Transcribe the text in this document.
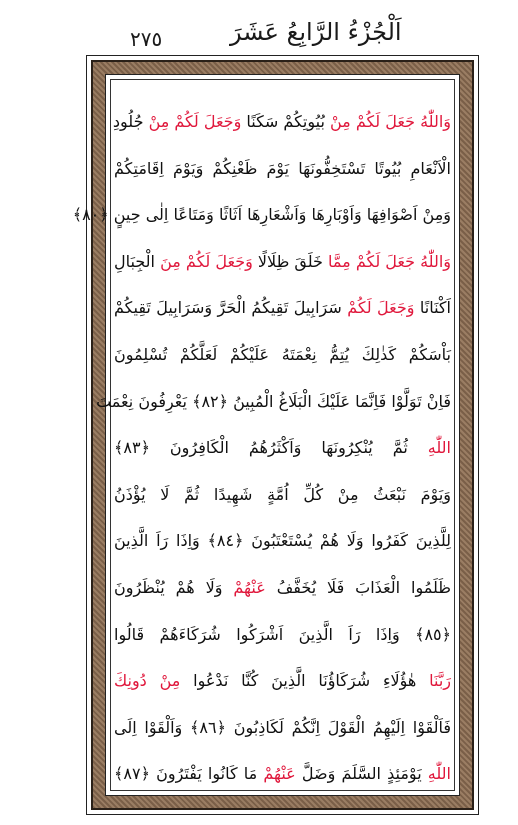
٢٧٥	اَلْجُزْءُ الرَّابِعُ عَشَرَ
وَاللّٰهُ جَعَلَ لَكُمْ مِنْ بُيُوتِكُمْ سَكَنًا وَجَعَلَ لَكُمْ مِنْ جُلُودِ
الْاَنْعَامِ بُيُوتًا تَسْتَخِفُّونَهَا يَوْمَ ظَعْنِكُمْ وَيَوْمَ اِقَامَتِكُمْ
وَمِنْ اَصْوَافِهَا وَاَوْبَارِهَا وَاَشْعَارِهَا اَثَاثًا وَمَتَاعًا اِلٰى حِينٍ ﴿٨٠﴾
وَاللّٰهُ جَعَلَ لَكُمْ مِمَّا خَلَقَ ظِلَالًا وَجَعَلَ لَكُمْ مِنَ الْجِبَالِ
اَكْنَانًا وَجَعَلَ لَكُمْ سَرَابِيلَ تَقِيكُمُ الْحَرَّ وَسَرَابِيلَ تَقِيكُمْ
بَاْسَكُمْ كَذٰلِكَ يُتِمُّ نِعْمَتَهُ عَلَيْكُمْ لَعَلَّكُمْ تُسْلِمُونَ
فَاِنْ تَوَلَّوْا فَاِنَّمَا عَلَيْكَ الْبَلَاغُ الْمُبِينُ ﴿٨٢﴾ يَعْرِفُونَ نِعْمَتَ
اللّٰهِ ثُمَّ يُنْكِرُونَهَا وَاَكْثَرُهُمُ الْكَافِرُونَ ﴿٨٣﴾
وَيَوْمَ نَبْعَثُ مِنْ كُلِّ اُمَّةٍ شَهِيدًا ثُمَّ لَا يُؤْذَنُ
لِلَّذِينَ كَفَرُوا وَلَا هُمْ يُسْتَعْتَبُونَ ﴿٨٤﴾ وَاِذَا رَاَ الَّذِينَ
ظَلَمُوا الْعَذَابَ فَلَا يُخَفَّفُ عَنْهُمْ وَلَا هُمْ يُنْظَرُونَ
﴿٨٥﴾ وَاِذَا رَاَ الَّذِينَ اَشْرَكُوا شُرَكَاءَهُمْ قَالُوا
رَبَّنَا هٰؤُلَاءِ شُرَكَاؤُنَا الَّذِينَ كُنَّا نَدْعُوا مِنْ دُونِكَ
فَاَلْقَوْا اِلَيْهِمُ الْقَوْلَ اِنَّكُمْ لَكَاذِبُونَ ﴿٨٦﴾ وَاَلْقَوْا اِلَى
اللّٰهِ يَوْمَئِذٍ السَّلَمَ وَضَلَّ عَنْهُمْ مَا كَانُوا يَفْتَرُونَ ﴿٨٧﴾
